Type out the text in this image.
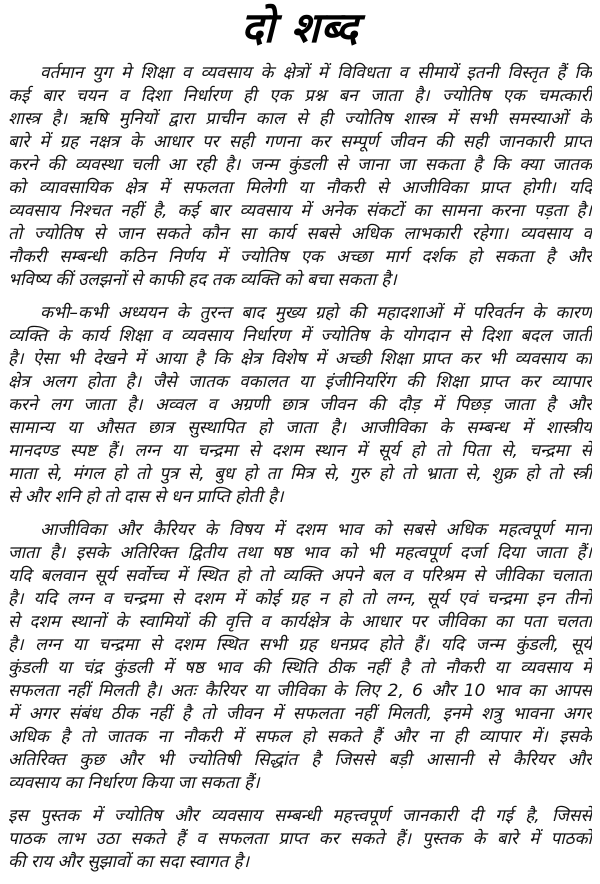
दो शब्द
वर्तमान युग मे शिक्षा व व्यवसाय के क्षेत्रों में विविधता व सीमायें इतनी विस्तृत हैं कि
कई बार चयन व दिशा निर्धारण ही एक प्रश्न बन जाता है। ज्योतिष एक चमत्कारी
शास्त्र है। ऋषि मुनियों द्वारा प्राचीन काल से ही ज्योतिष शास्त्र में सभी समस्याओं के
बारे में ग्रह नक्षत्र के आधार पर सही गणना कर सम्पूर्ण जीवन की सही जानकारी प्राप्त
करने की व्यवस्था चली आ रही है। जन्म कुंडली से जाना जा सकता है कि क्या जातक
को व्यावसायिक क्षेत्र में सफलता मिलेगी या नौकरी से आजीविका प्राप्त होगी। यदि
व्यवसाय निश्चत नहीं है, कई बार व्यवसाय में अनेक संकटों का सामना करना पड़ता है।
तो ज्योतिष से जान सकते कौन सा कार्य सबसे अधिक लाभकारी रहेगा। व्यवसाय व
नौकरी सम्बन्धी कठिन निर्णय में ज्योतिष एक अच्छा मार्ग दर्शक हो सकता है और
भविष्य कीं उलझनों से काफी हद तक व्यक्ति को बचा सकता है।
कभी–कभी अध्ययन के तुरन्त बाद मुख्य ग्रहो की महादशाओं में परिवर्तन के कारण
व्यक्ति के कार्य शिक्षा व व्यवसाय निर्धारण में ज्योतिष के योगदान से दिशा बदल जाती
है। ऐसा भी देखने में आया है कि क्षेत्र विशेष में अच्छी शिक्षा प्राप्त कर भी व्यवसाय का
क्षेत्र अलग होता है। जैसे जातक वकालत या इंजीनियरिंग की शिक्षा प्राप्त कर व्यापार
करने लग जाता है। अव्वल व अग्रणी छात्र जीवन की दौड़ में पिछड़ जाता है और
सामान्य या औसत छात्र सुस्थापित हो जाता है। आजीविका के सम्बन्ध में शास्त्रीय
मानदण्ड स्पष्ट हैं। लग्न या चन्द्रमा से दशम स्थान में सूर्य हो तो पिता से, चन्द्रमा से
माता से, मंगल हो तो पुत्र से, बुध हो ता मित्र से, गुरु हो तो भ्राता से, शुक्र हो तो स्त्री
से और शनि हो तो दास से धन प्राप्ति होती है।
आजीविका और कैरियर के विषय में दशम भाव को सबसे अधिक महत्वपूर्ण माना
जाता है। इसके अतिरिक्त द्वितीय तथा षष्ठ भाव को भी महत्वपूर्ण दर्जा दिया जाता हैं।
यदि बलवान सूर्य सर्वोच्च में स्थित हो तो व्यक्ति अपने बल व परिश्रम से जीविका चलाता
है। यदि लग्न व चन्द्रमा से दशम में कोई ग्रह न हो तो लग्न, सूर्य एवं चन्द्रमा इन तीनों
से दशम स्थानों के स्वामियों की वृत्ति व कार्यक्षेत्र के आधार पर जीविका का पता चलता
है। लग्न या चन्द्रमा से दशम स्थित सभी ग्रह धनप्रद होते हैं। यदि जन्म कुंडली, सूर्य
कुंडली या चंद्र कुंडली में षष्ठ भाव की स्थिति ठीक नहीं है तो नौकरी या व्यवसाय में
सफलता नहीं मिलती है। अतः कैरियर या जीविका के लिए 2, 6 और 10 भाव का आपस
में अगर संबंध ठीक नहीं है तो जीवन में सफलता नहीं मिलती, इनमे शत्रु भावना अगर
अधिक है तो जातक ना नौकरी में सफल हो सकते हैं और ना ही व्यापार में। इसके
अतिरिक्त कुछ और भी ज्योतिषी सिद्धांत है जिससे बड़ी आसानी से कैरियर और
व्यवसाय का निर्धारण किया जा सकता हैं।
इस पुस्तक में ज्योतिष और व्यवसाय सम्बन्धी महत्त्वपूर्ण जानकारी दी गई है, जिससे
पाठक लाभ उठा सकते हैं व सफलता प्राप्त कर सकते हैं। पुस्तक के बारे में पाठकों
की राय और सुझावों का सदा स्वागत है।
